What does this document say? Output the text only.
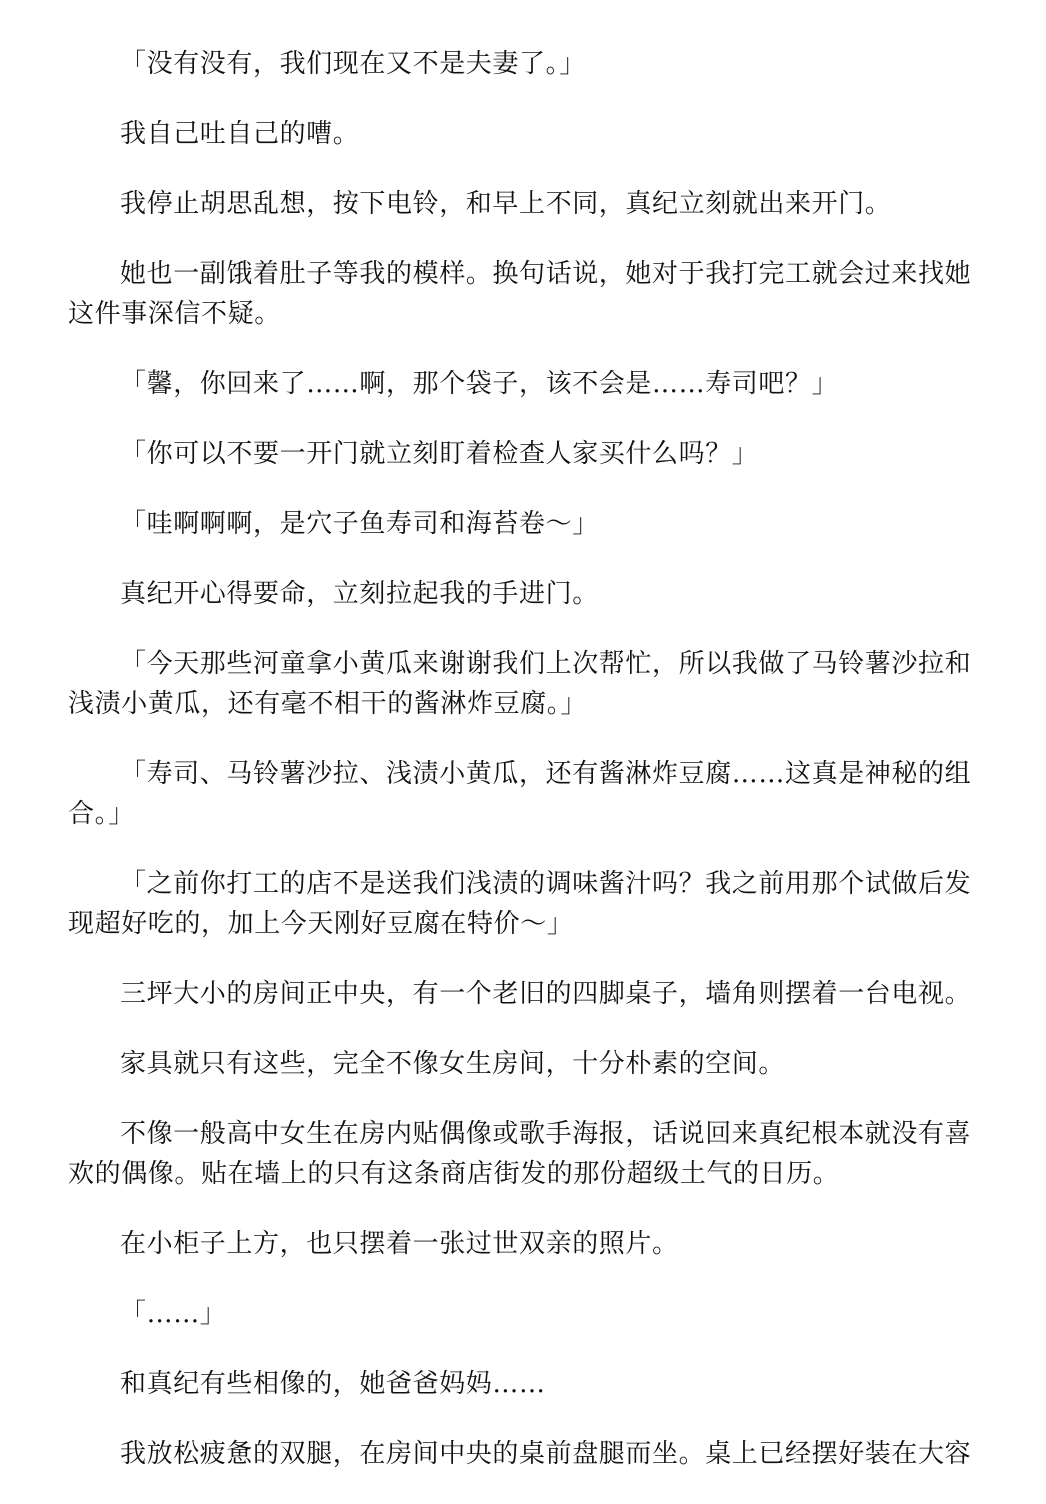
「没有没有，我们现在又不是夫妻了。」

我自己吐自己的嘈。

我停止胡思乱想，按下电铃，和早上不同，真纪立刻就出来开门。

她也一副饿着肚子等我的模样。换句话说，她对于我打完工就会过来找她这件事深信不疑。

「馨，你回来了……啊，那个袋子，该不会是……寿司吧？」

「你可以不要一开门就立刻盯着检查人家买什么吗？」

「哇啊啊啊，是穴子鱼寿司和海苔卷～」

真纪开心得要命，立刻拉起我的手进门。

「今天那些河童拿小黄瓜来谢谢我们上次帮忙，所以我做了马铃薯沙拉和浅渍小黄瓜，还有毫不相干的酱淋炸豆腐。」

「寿司、马铃薯沙拉、浅渍小黄瓜，还有酱淋炸豆腐……这真是神秘的组合。」

「之前你打工的店不是送我们浅渍的调味酱汁吗？我之前用那个试做后发现超好吃的，加上今天刚好豆腐在特价～」

三坪大小的房间正中央，有一个老旧的四脚桌子，墙角则摆着一台电视。

家具就只有这些，完全不像女生房间，十分朴素的空间。

不像一般高中女生在房内贴偶像或歌手海报，话说回来真纪根本就没有喜欢的偶像。贴在墙上的只有这条商店街发的那份超级土气的日历。

在小柜子上方，也只摆着一张过世双亲的照片。

「……」

和真纪有些相像的，她爸爸妈妈……

我放松疲惫的双腿，在房间中央的桌前盘腿而坐。桌上已经摆好装在大容
